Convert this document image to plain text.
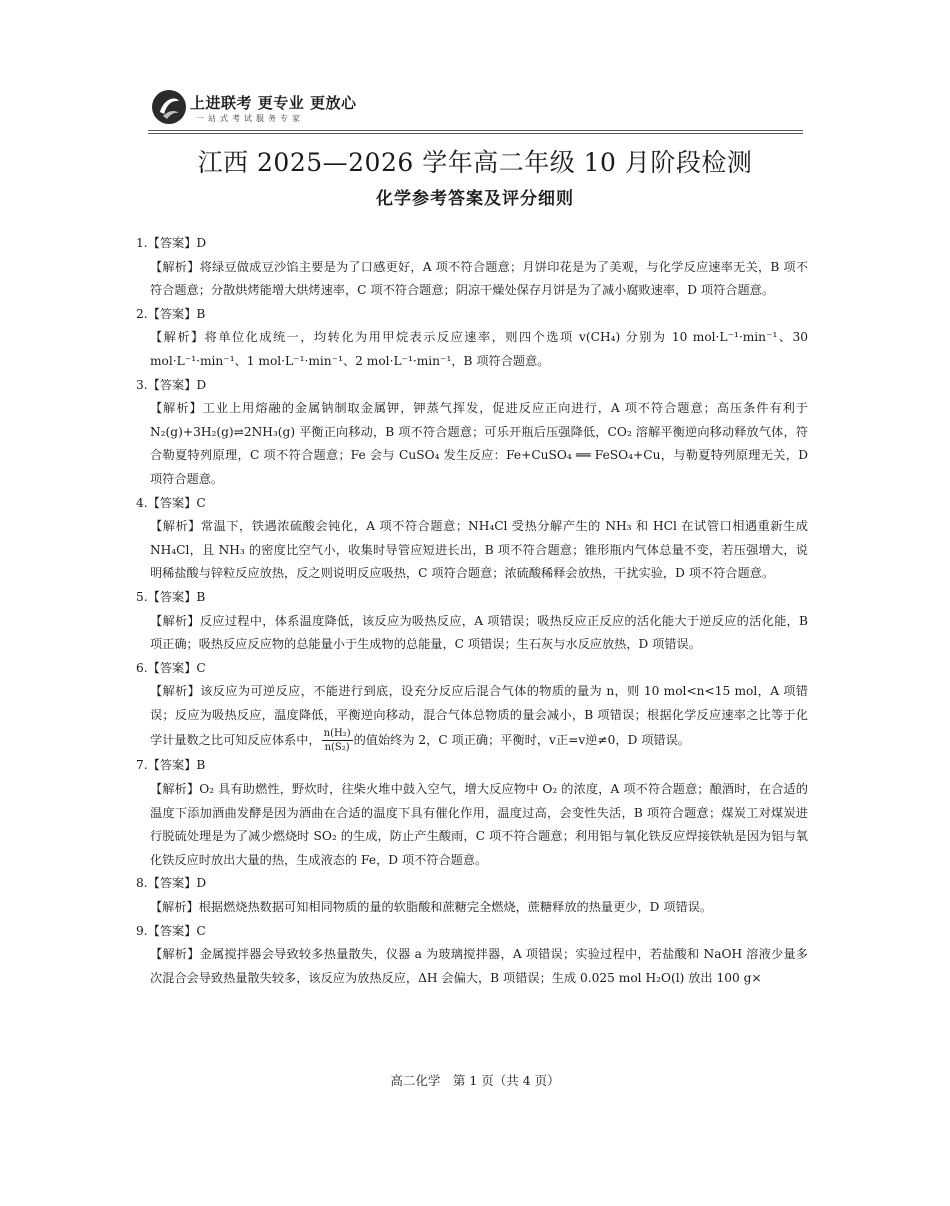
上进联考 更专业 更放心
一站式考试服务专家
江西 2025—2026 学年高二年级 10 月阶段检测
化学参考答案及评分细则

1.【答案】D

【解析】将绿豆做成豆沙馅主要是为了口感更好，A 项不符合题意；月饼印花是为了美观，与化学反应速率无关，B 项不符合题意；分散烘烤能增大烘烤速率，C 项不符合题意；阴凉干燥处保存月饼是为了减小腐败速率，D 项符合题意。

2.【答案】B

【解析】将单位化成统一，均转化为用甲烷表示反应速率，则四个选项 v(CH₄) 分别为 10 mol·L⁻¹·min⁻¹、30 mol·L⁻¹·min⁻¹、1 mol·L⁻¹·min⁻¹、2 mol·L⁻¹·min⁻¹，B 项符合题意。

3.【答案】D

【解析】工业上用熔融的金属钠制取金属钾，钾蒸气挥发，促进反应正向进行，A 项不符合题意；高压条件有利于 N₂(g)+3H₂(g)⇌2NH₃(g) 平衡正向移动，B 项不符合题意；可乐开瓶后压强降低，CO₂ 溶解平衡逆向移动释放气体，符合勒夏特列原理，C 项不符合题意；Fe 会与 CuSO₄ 发生反应：Fe+CuSO₄ ══ FeSO₄+Cu，与勒夏特列原理无关，D 项符合题意。

4.【答案】C

【解析】常温下，铁遇浓硫酸会钝化，A 项不符合题意；NH₄Cl 受热分解产生的 NH₃ 和 HCl 在试管口相遇重新生成 NH₄Cl，且 NH₃ 的密度比空气小，收集时导管应短进长出，B 项不符合题意；锥形瓶内气体总量不变，若压强增大，说明稀盐酸与锌粒反应放热，反之则说明反应吸热，C 项符合题意；浓硫酸稀释会放热，干扰实验，D 项不符合题意。

5.【答案】B

【解析】反应过程中，体系温度降低，该反应为吸热反应，A 项错误；吸热反应正反应的活化能大于逆反应的活化能，B 项正确；吸热反应反应物的总能量小于生成物的总能量，C 项错误；生石灰与水反应放热，D 项错误。

6.【答案】C

【解析】该反应为可逆反应，不能进行到底，设充分反应后混合气体的物质的量为 n，则 10 mol<n<15 mol，A 项错误；反应为吸热反应，温度降低，平衡逆向移动，混合气体总物质的量会减小，B 项错误；根据化学反应速率之比等于化学计量数之比可知反应体系中， $\frac{\text{n(H₂)}}{\text{n(S₂)}}$ 的值始终为 2，C 项正确；平衡时，v正=v逆≠0，D 项错误。

7.【答案】B

【解析】O₂ 具有助燃性，野炊时，往柴火堆中鼓入空气，增大反应物中 O₂ 的浓度，A 项不符合题意；酿酒时，在合适的温度下添加酒曲发酵是因为酒曲在合适的温度下具有催化作用，温度过高，会变性失活，B 项符合题意；煤炭工对煤炭进行脱硫处理是为了减少燃烧时 SO₂ 的生成，防止产生酸雨，C 项不符合题意；利用铝与氧化铁反应焊接铁轨是因为铝与氧化铁反应时放出大量的热，生成液态的 Fe，D 项不符合题意。

8.【答案】D

【解析】根据燃烧热数据可知相同物质的量的软脂酸和蔗糖完全燃烧，蔗糖释放的热量更少，D 项错误。

9.【答案】C

【解析】金属搅拌器会导致较多热量散失，仪器 a 为玻璃搅拌器，A 项错误；实验过程中，若盐酸和 NaOH 溶液少量多次混合会导致热量散失较多，该反应为放热反应，ΔH 会偏大，B 项错误；生成 0.025 mol H₂O(l) 放出 100 g×

高二化学　第 1 页（共 4 页）
